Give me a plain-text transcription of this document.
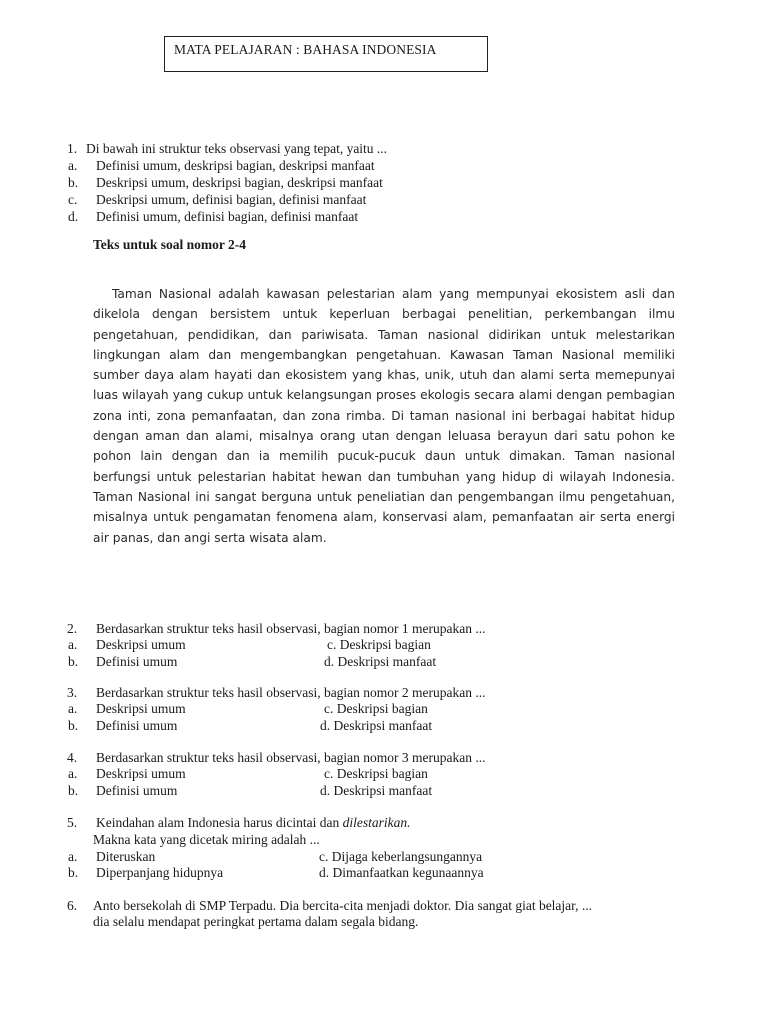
MATA PELAJARAN : BAHASA INDONESIA
1. Di bawah ini struktur teks observasi yang tepat, yaitu ...
a. Definisi umum, deskripsi bagian, deskripsi manfaat
b. Deskripsi umum, deskripsi bagian, deskripsi manfaat
c. Deskripsi umum, definisi bagian, definisi manfaat
d. Definisi umum, definisi bagian, definisi manfaat
Teks untuk soal nomor 2-4
Taman Nasional adalah kawasan pelestarian alam yang mempunyai ekosistem asli dan dikelola dengan bersistem untuk keperluan berbagai penelitian, perkembangan ilmu pengetahuan, pendidikan, dan pariwisata. Taman nasional didirikan untuk melestarikan lingkungan alam dan mengembangkan pengetahuan. Kawasan Taman Nasional memiliki sumber daya alam hayati dan ekosistem yang khas, unik, utuh dan alami serta memepunyai luas wilayah yang cukup untuk kelangsungan proses ekologis secara alami dengan pembagian zona inti, zona pemanfaatan, dan zona rimba. Di taman nasional ini berbagai habitat hidup dengan aman dan alami, misalnya orang utan dengan leluasa berayun dari satu pohon ke pohon lain dengan dan ia memilih pucuk-pucuk daun untuk dimakan. Taman nasional berfungsi untuk pelestarian habitat hewan dan tumbuhan yang hidup di wilayah Indonesia. Taman Nasional ini sangat berguna untuk peneliatian dan pengembangan ilmu pengetahuan, misalnya untuk pengamatan fenomena alam, konservasi alam, pemanfaatan air serta energi air panas, dan angi serta wisata alam.
2. Berdasarkan struktur teks hasil observasi, bagian nomor 1 merupakan ...
a. Deskripsi umum	c. Deskripsi bagian
b. Definisi umum	d. Deskripsi manfaat
3. Berdasarkan struktur teks hasil observasi, bagian nomor 2 merupakan ...
a. Deskripsi umum	c. Deskripsi bagian
b. Definisi umum	d. Deskripsi manfaat
4. Berdasarkan struktur teks hasil observasi, bagian nomor 3 merupakan ...
a. Deskripsi umum	c. Deskripsi bagian
b. Definisi umum	d. Deskripsi manfaat
5. Keindahan alam Indonesia harus dicintai dan dilestarikan.
Makna kata yang dicetak miring adalah ...
a. Diteruskan	c. Dijaga keberlangsungannya
b. Diperpanjang hidupnya	d. Dimanfaatkan kegunaannya
6. Anto bersekolah di SMP Terpadu. Dia bercita-cita menjadi doktor. Dia sangat giat belajar, ...
dia selalu mendapat peringkat pertama dalam segala bidang.
